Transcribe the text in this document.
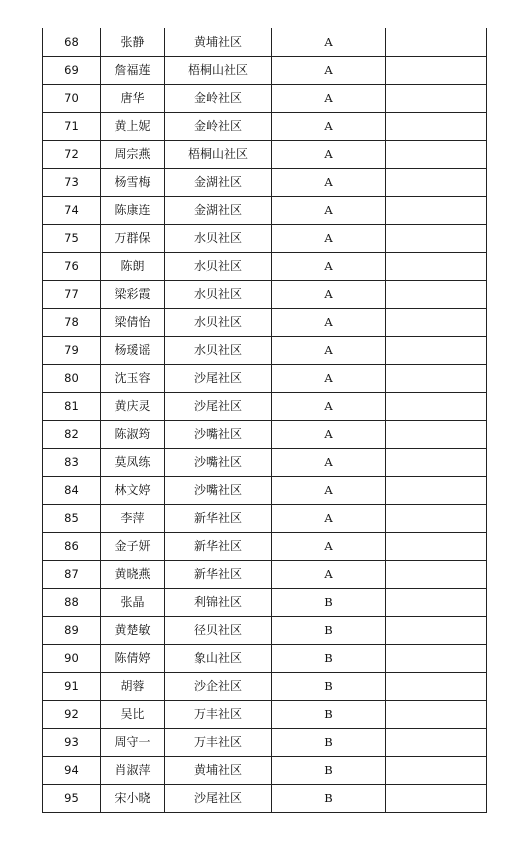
68	张静	黄埔社区	A	
69	詹福莲	梧桐山社区	A	
70	唐华	金岭社区	A	
71	黄上妮	金岭社区	A	
72	周宗燕	梧桐山社区	A	
73	杨雪梅	金湖社区	A	
74	陈康连	金湖社区	A	
75	万群保	水贝社区	A	
76	陈朗	水贝社区	A	
77	梁彩霞	水贝社区	A	
78	梁倩怡	水贝社区	A	
79	杨瑗谣	水贝社区	A	
80	沈玉容	沙尾社区	A	
81	黄庆灵	沙尾社区	A	
82	陈淑筠	沙嘴社区	A	
83	莫凤练	沙嘴社区	A	
84	林文婷	沙嘴社区	A	
85	李萍	新华社区	A	
86	金子妍	新华社区	A	
87	黄晓燕	新华社区	A	
88	张晶	利锦社区	B	
89	黄楚敏	径贝社区	B	
90	陈倩婷	象山社区	B	
91	胡蓉	沙企社区	B	
92	吴比	万丰社区	B	
93	周守一	万丰社区	B	
94	肖淑萍	黄埔社区	B	
95	宋小晓	沙尾社区	B	
